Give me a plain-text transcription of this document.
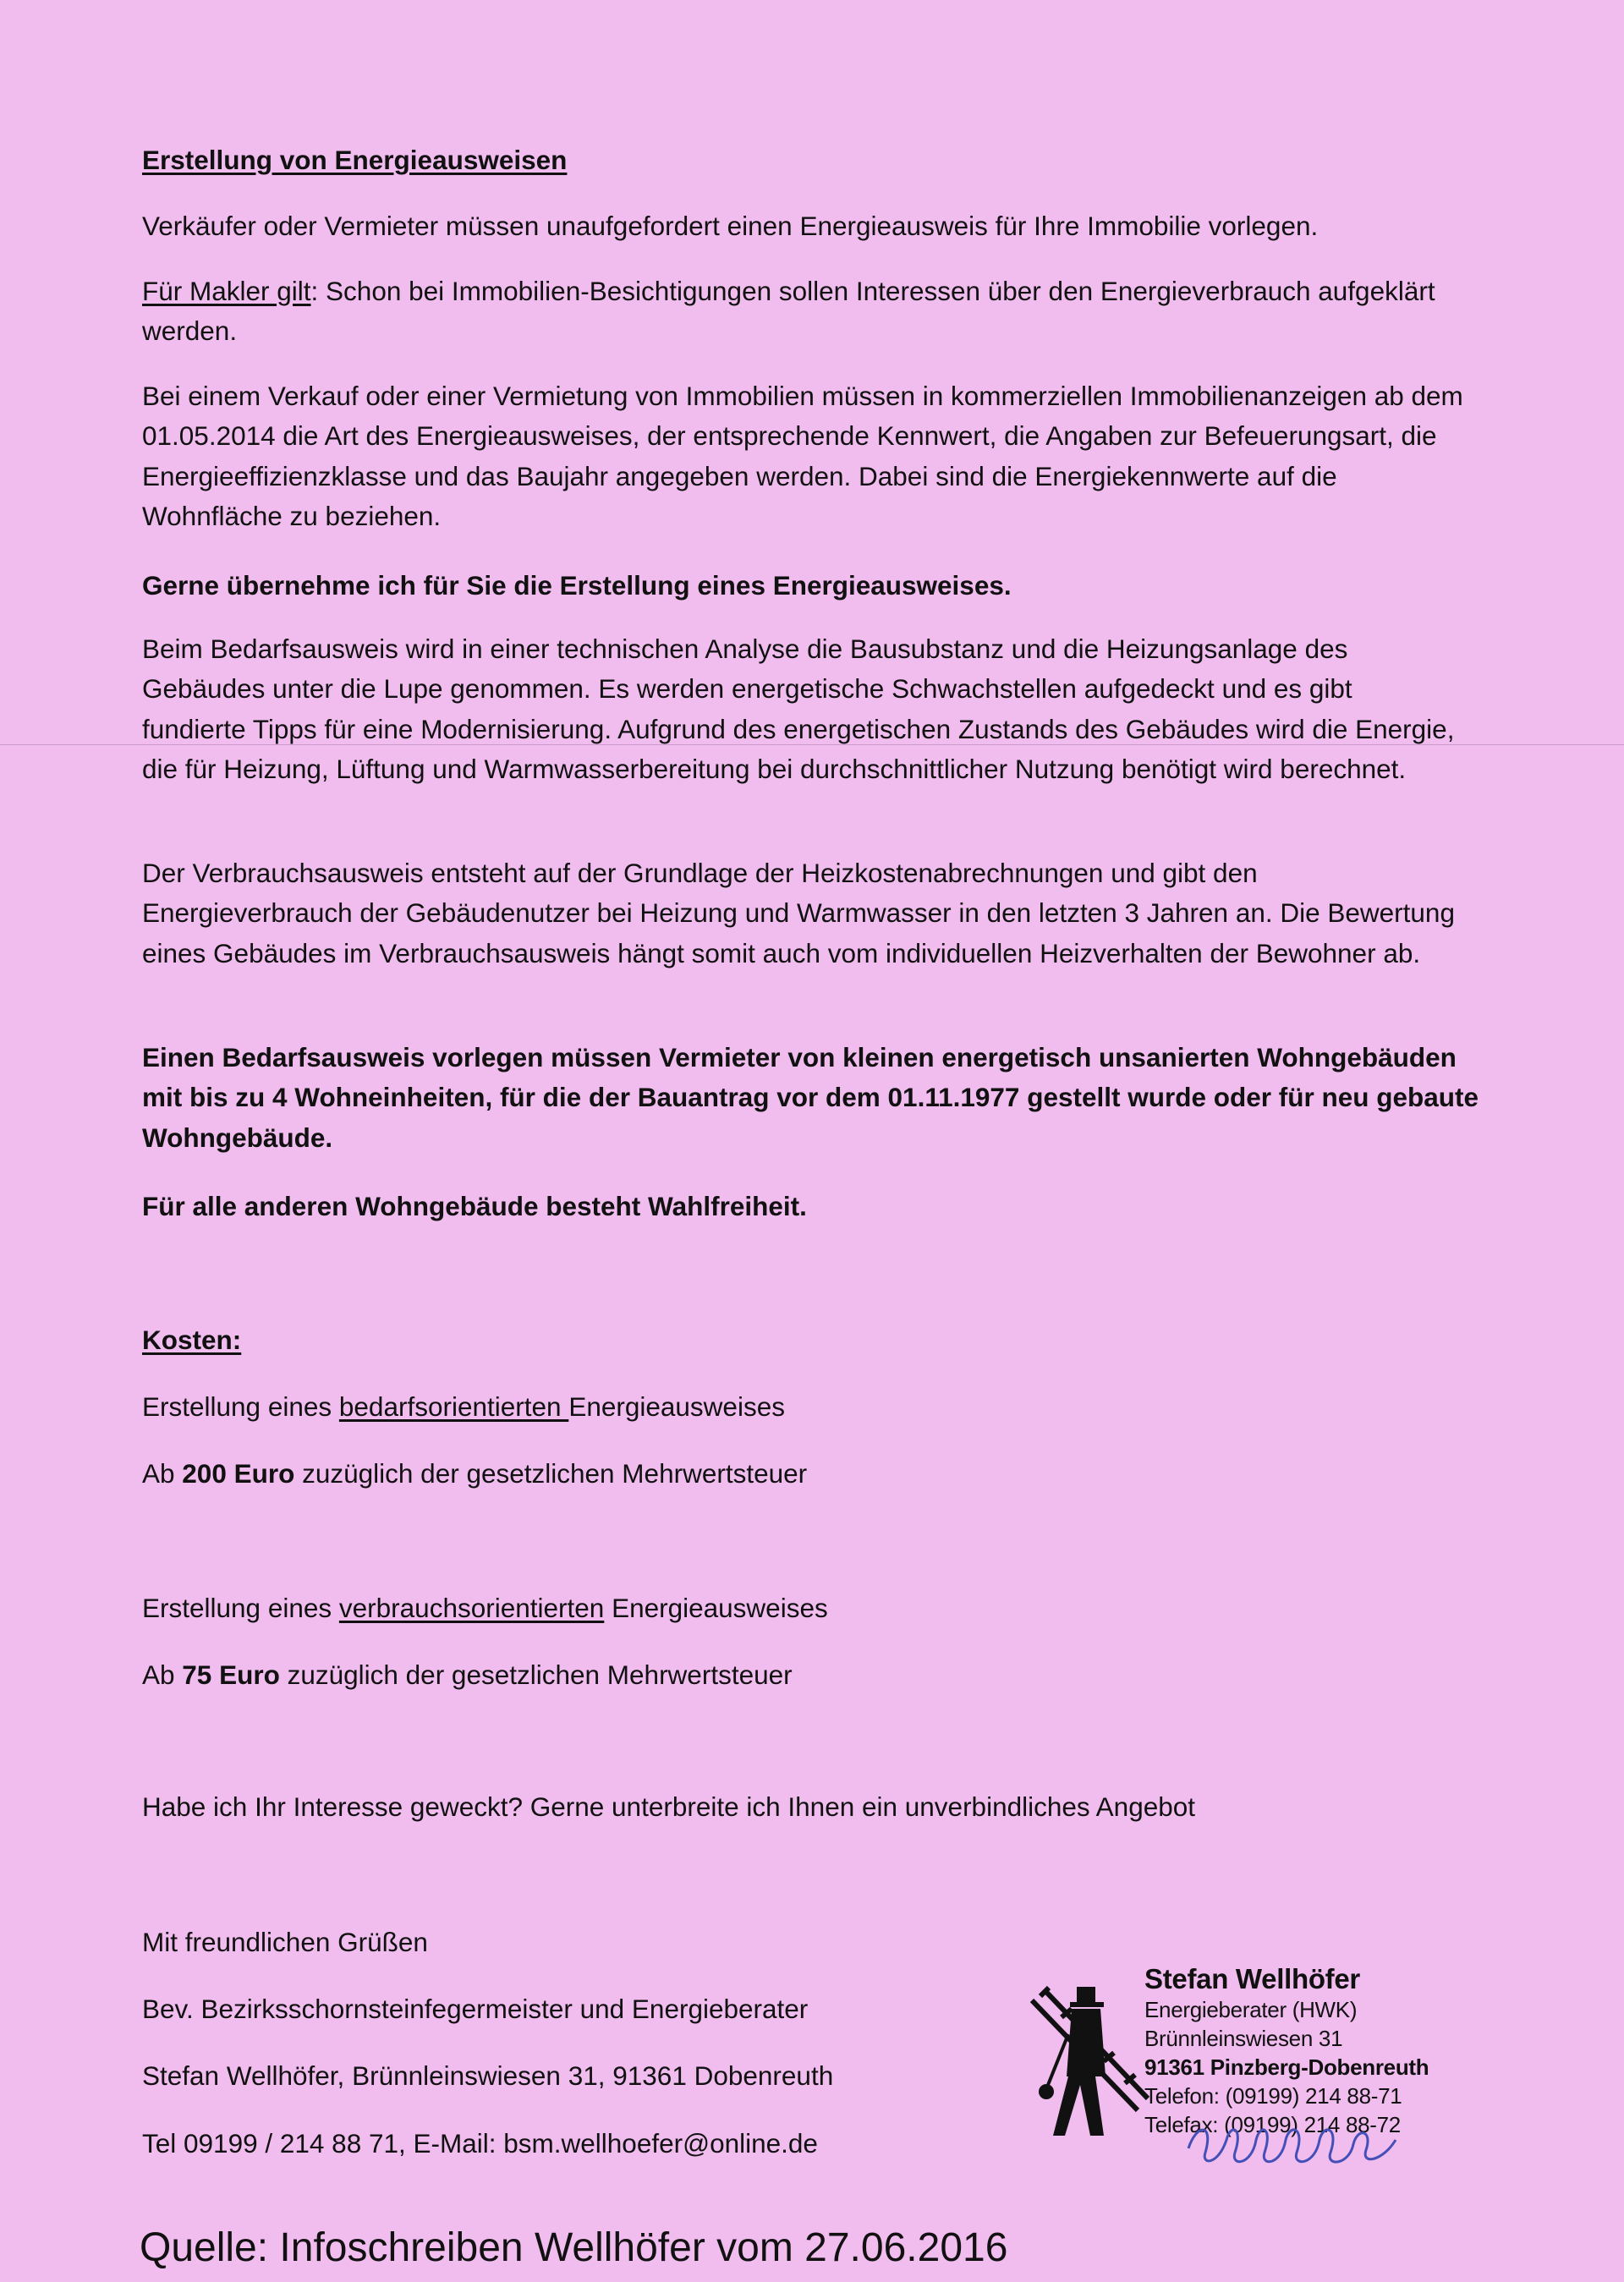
Erstellung von Energieausweisen
Verkäufer oder Vermieter müssen unaufgefordert einen Energieausweis für Ihre Immobilie vorlegen.
Für Makler gilt: Schon bei Immobilien-Besichtigungen sollen Interessen über den Energieverbrauch aufgeklärt werden.
Bei einem Verkauf oder einer Vermietung von Immobilien müssen in kommerziellen Immobilienanzeigen ab dem 01.05.2014 die Art des Energieausweises, der entsprechende Kennwert, die Angaben zur Befeuerungsart, die Energieeffizienzklasse und das Baujahr angegeben werden. Dabei sind die Energiekennwerte auf die Wohnfläche zu beziehen.
Gerne übernehme ich für Sie die Erstellung eines Energieausweises.
Beim Bedarfsausweis wird in einer technischen Analyse die Bausubstanz und die Heizungsanlage des Gebäudes unter die Lupe genommen. Es werden energetische Schwachstellen aufgedeckt und es gibt fundierte Tipps für eine Modernisierung. Aufgrund des energetischen Zustands des Gebäudes wird die Energie, die für Heizung, Lüftung und Warmwasserbereitung bei durchschnittlicher Nutzung benötigt wird berechnet.
Der Verbrauchsausweis entsteht auf der Grundlage der Heizkostenabrechnungen und gibt den Energieverbrauch der Gebäudenutzer bei Heizung und Warmwasser in den letzten 3 Jahren an. Die Bewertung eines Gebäudes im Verbrauchsausweis hängt somit auch vom individuellen Heizverhalten der Bewohner ab.
Einen Bedarfsausweis vorlegen müssen Vermieter von kleinen energetisch unsanierten Wohngebäuden mit bis zu 4 Wohneinheiten, für die der Bauantrag vor dem 01.11.1977 gestellt wurde oder für neu gebaute Wohngebäude.
Für alle anderen Wohngebäude besteht Wahlfreiheit.
Kosten:
Erstellung eines bedarfsorientierten Energieausweises
Ab 200 Euro zuzüglich der gesetzlichen Mehrwertsteuer
Erstellung eines verbrauchsorientierten Energieausweises
Ab 75 Euro zuzüglich der gesetzlichen Mehrwertsteuer
Habe ich Ihr Interesse geweckt? Gerne unterbreite ich Ihnen ein unverbindliches Angebot
Mit freundlichen Grüßen
Bev. Bezirksschornsteinfegermeister und Energieberater
Stefan Wellhöfer, Brünnleinswiesen 31, 91361 Dobenreuth
Tel 09199 / 214 88 71, E-Mail: bsm.wellhoefer@online.de
Stefan Wellhöfer
Energieberater (HWK)
Brünnleinswiesen 31
91361 Pinzberg-Dobenreuth
Telefon: (09199) 214 88-71
Telefax: (09199) 214 88-72
Quelle: Infoschreiben Wellhöfer vom 27.06.2016
